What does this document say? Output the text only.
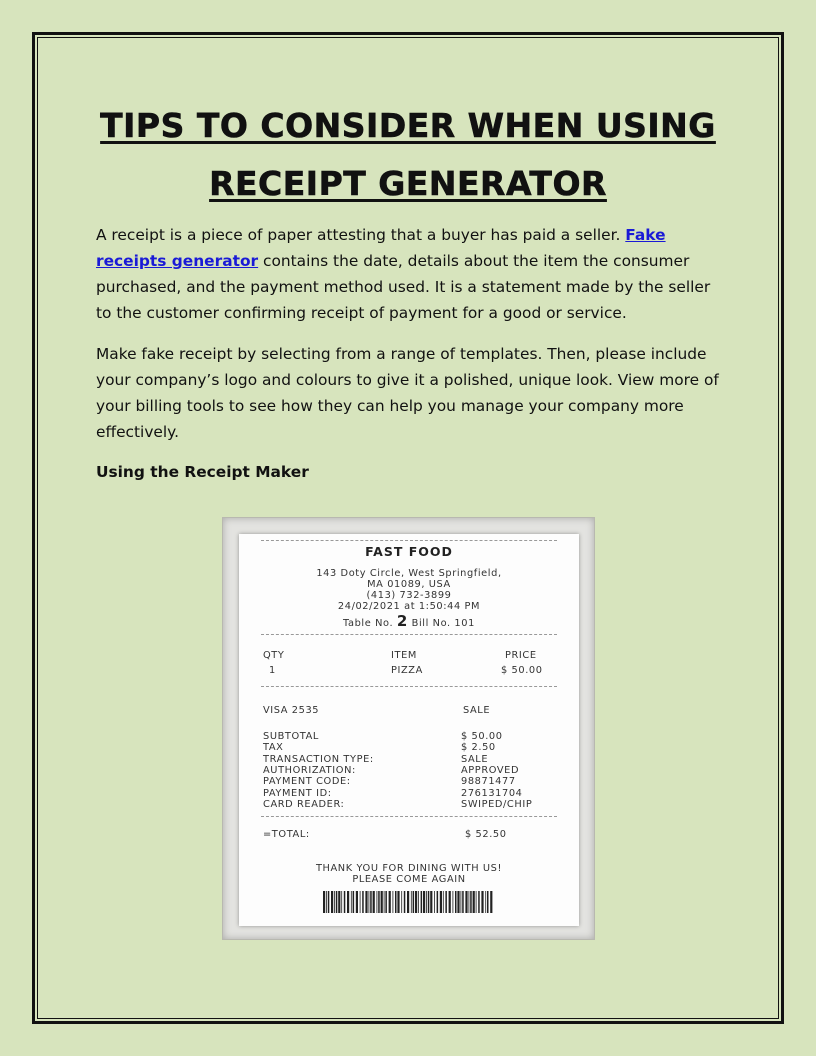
TIPS TO CONSIDER WHEN USING
RECEIPT GENERATOR

A receipt is a piece of paper attesting that a buyer has paid a seller. Fake receipts generator contains the date, details about the item the consumer purchased, and the payment method used. It is a statement made by the seller to the customer confirming receipt of payment for a good or service.

Make fake receipt by selecting from a range of templates. Then, please include your company’s logo and colours to give it a polished, unique look. View more of your billing tools to see how they can help you manage your company more effectively.

Using the Receipt Maker

FAST FOOD
143 Doty Circle, West Springfield,
MA 01089, USA
(413) 732-3899
24/02/2021 at 1:50:44 PM
Table No. 2 Bill No. 101
QTY	ITEM	PRICE
1	PIZZA	$ 50.00
VISA 2535	SALE
SUBTOTAL	$ 50.00
TAX	$ 2.50
TRANSACTION TYPE:	SALE
AUTHORIZATION:	APPROVED
PAYMENT CODE:	98871477
PAYMENT ID:	276131704
CARD READER:	SWIPED/CHIP
=TOTAL:	$ 52.50
THANK YOU FOR DINING WITH US!
PLEASE COME AGAIN
